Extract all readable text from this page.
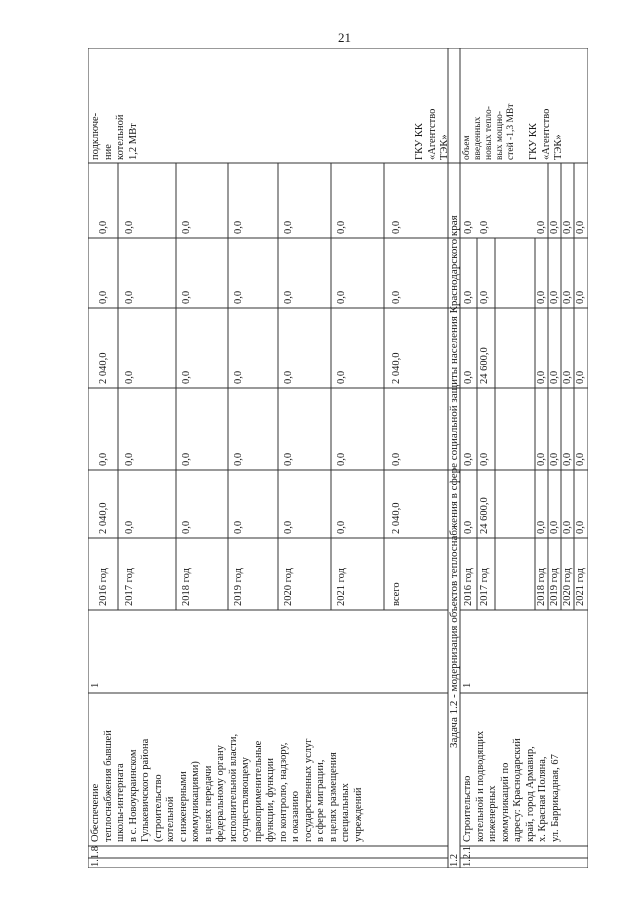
21
1.1.8
Обеспечение
теплоснабжения бывшей
школы-интерната
в с. Новоукраинском
Гулькевичского района
(строительство
котельной
с инженерными
коммуникациями)
в целях передачи
федеральному органу
исполнительной власти,
осуществляющему
правоприменительные
функции, функции
по контролю, надзору,
и оказанию
государственных услуг
в сфере миграции,
в целях размещения
специальных
учреждений
1
2016 год
2 040,0
0,0
2 040,0
0,0
0,0
2017 год
0,0
0,0
0,0
0,0
0,0
2018 год
0,0
0,0
0,0
0,0
0,0
2019 год
0,0
0,0
0,0
0,0
0,0
2020 год
0,0
0,0
0,0
0,0
0,0
2021 год
0,0
0,0
0,0
0,0
0,0
всего
2 040,0
0,0
2 040,0
0,0
0,0
подключе-
ние
котельной
1,2 МВт
ГКУ КК
«Агентство
ТЭК»
1.2
Задача 1.2 - модернизация объектов теплоснабжения в сфере социальной защиты населения Краснодарского края
1.2.1
Строительство
котельной и подводящих
инженерных
коммуникаций по
адресу: Краснодарский
край, город Армавир,
х. Красная Поляна,
ул. Баррикадная, 67
1
2016 год
0,0
0,0
0,0
0,0
0,0
2017 год
24 600,0
0,0
24 600,0
0,0
0,0
2018 год
0,0
0,0
0,0
0,0
0,0
2019 год
0,0
0,0
0,0
0,0
0,0
2020 год
0,0
0,0
0,0
0,0
0,0
2021 год
0,0
0,0
0,0
0,0
0,0
объем
введенных
новых тепло-
вых мощно-
стей -1,3 МВт
ГКУ КК
«Агентство
ТЭК»
